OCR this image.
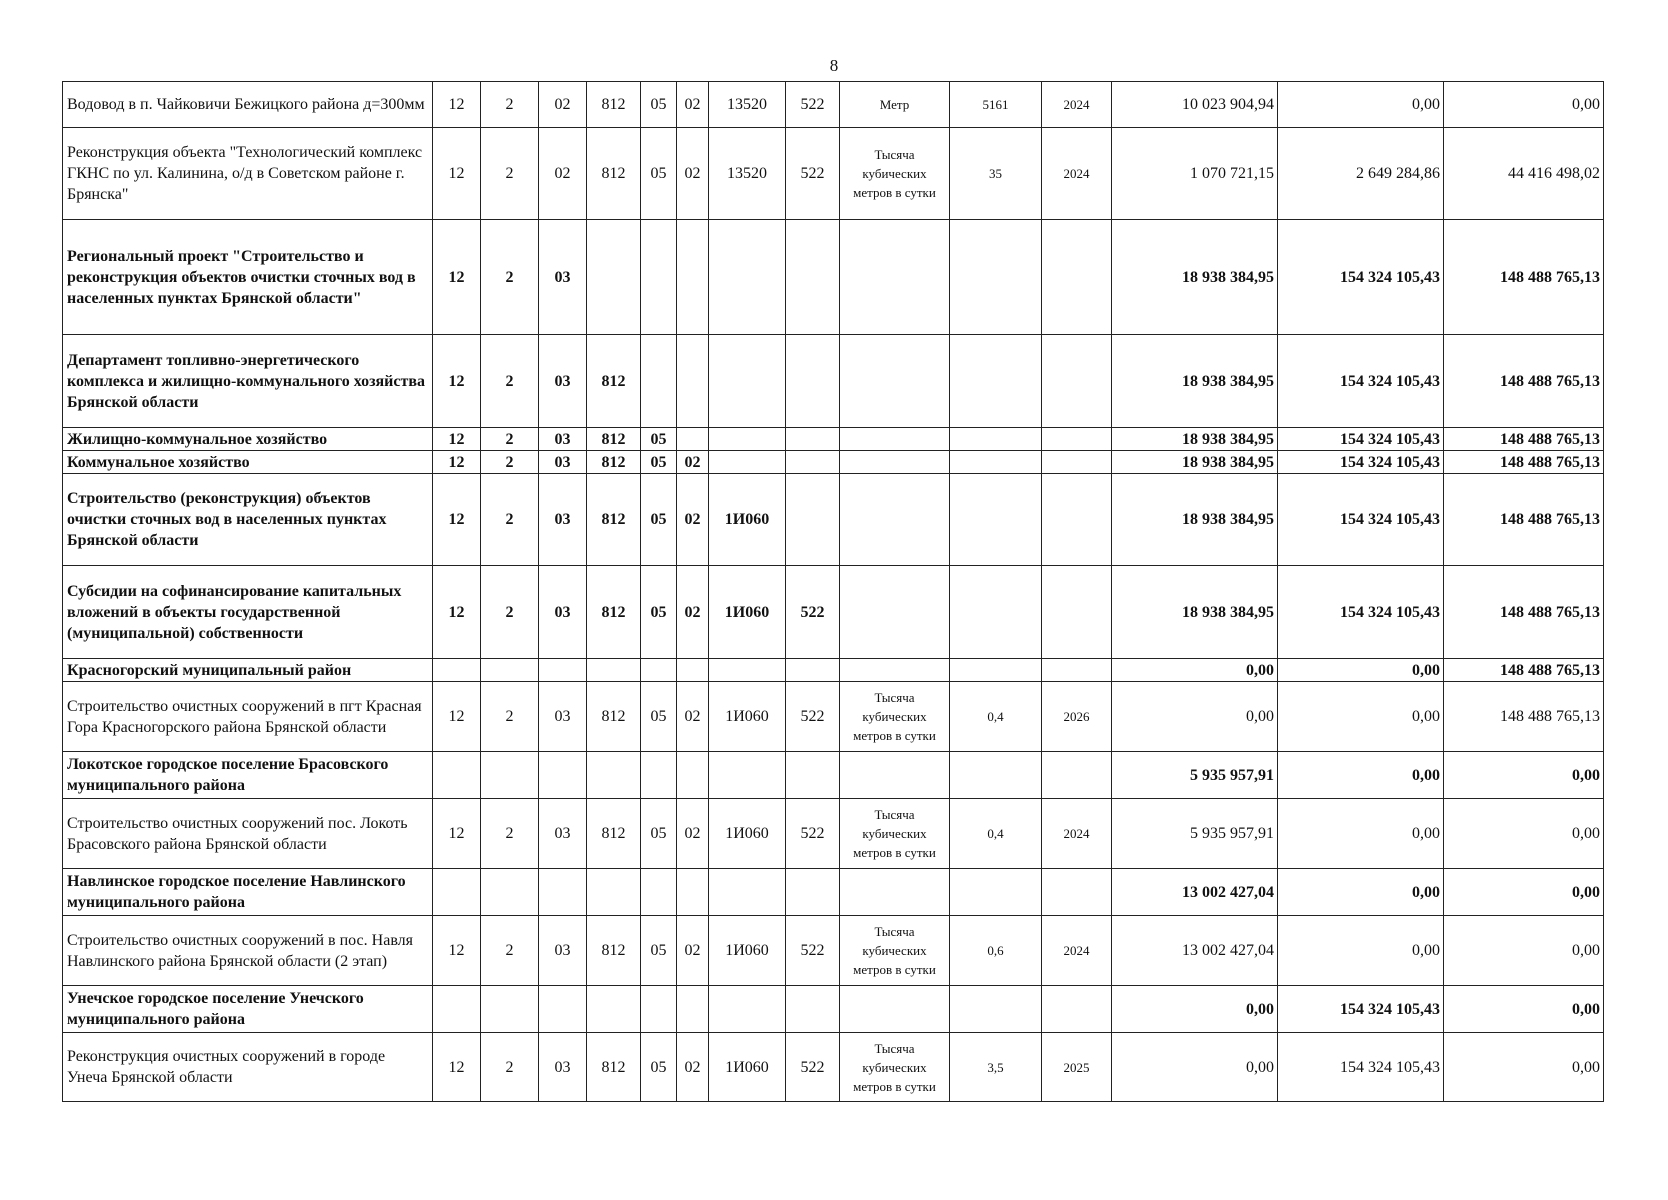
8
Водовод в п. Чайковичи Бежицкого района д=300мм	12	2	02	812	05	02	13520	522	Метр	5161	2024	10 023 904,94	0,00	0,00
Реконструкция объекта "Технологический комплекс ГКНС по ул. Калинина, о/д в Советском районе г. Брянска"	12	2	02	812	05	02	13520	522	Тысяча кубических метров в сутки	35	2024	1 070 721,15	2 649 284,86	44 416 498,02
Региональный проект "Строительство и реконструкция объектов очистки сточных вод в населенных пунктах Брянской области"	12	2	03									18 938 384,95	154 324 105,43	148 488 765,13
Департамент топливно-энергетического комплекса и жилищно-коммунального хозяйства Брянской области	12	2	03	812								18 938 384,95	154 324 105,43	148 488 765,13
Жилищно-коммунальное хозяйство	12	2	03	812	05							18 938 384,95	154 324 105,43	148 488 765,13
Коммунальное хозяйство	12	2	03	812	05	02						18 938 384,95	154 324 105,43	148 488 765,13
Строительство (реконструкция) объектов очистки сточных вод в населенных пунктах Брянской области	12	2	03	812	05	02	1И060					18 938 384,95	154 324 105,43	148 488 765,13
Субсидии на софинансирование капитальных вложений в объекты государственной (муниципальной) собственности	12	2	03	812	05	02	1И060	522				18 938 384,95	154 324 105,43	148 488 765,13
Красногорский муниципальный район												0,00	0,00	148 488 765,13
Строительство очистных сооружений в пгт Красная Гора Красногорского района Брянской области	12	2	03	812	05	02	1И060	522	Тысяча кубических метров в сутки	0,4	2026	0,00	0,00	148 488 765,13
Локотское городское поселение Брасовского муниципального района												5 935 957,91	0,00	0,00
Строительство очистных сооружений пос. Локоть Брасовского района Брянской области	12	2	03	812	05	02	1И060	522	Тысяча кубических метров в сутки	0,4	2024	5 935 957,91	0,00	0,00
Навлинское городское поселение Навлинского муниципального района												13 002 427,04	0,00	0,00
Строительство очистных сооружений в пос. Навля Навлинского района Брянской области (2 этап)	12	2	03	812	05	02	1И060	522	Тысяча кубических метров в сутки	0,6	2024	13 002 427,04	0,00	0,00
Унечское городское поселение Унечского муниципального района												0,00	154 324 105,43	0,00
Реконструкция очистных сооружений в городе Унеча Брянской области	12	2	03	812	05	02	1И060	522	Тысяча кубических метров в сутки	3,5	2025	0,00	154 324 105,43	0,00
